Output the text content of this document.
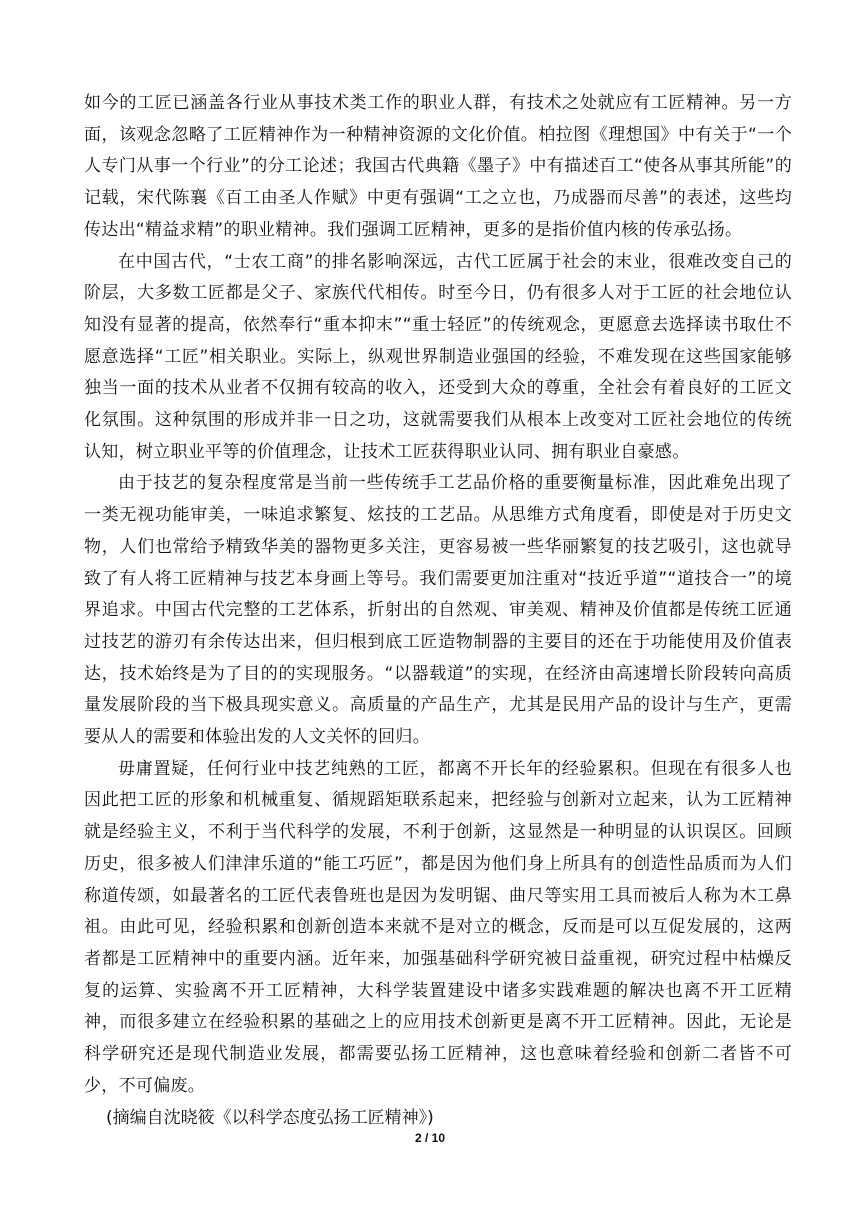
如今的工匠已涵盖各行业从事技术类工作的职业人群，有技术之处就应有工匠精神。另一方面，该观念忽略了工匠精神作为一种精神资源的文化价值。柏拉图《理想国》中有关于“一个人专门从事一个行业”的分工论述；我国古代典籍《墨子》中有描述百工“使各从事其所能”的记载，宋代陈襄《百工由圣人作赋》中更有强调“工之立也，乃成器而尽善”的表述，这些均传达出“精益求精”的职业精神。我们强调工匠精神，更多的是指价值内核的传承弘扬。

在中国古代，“士农工商”的排名影响深远，古代工匠属于社会的末业，很难改变自己的阶层，大多数工匠都是父子、家族代代相传。时至今日，仍有很多人对于工匠的社会地位认知没有显著的提高，依然奉行“重本抑末”“重士轻匠”的传统观念，更愿意去选择读书取仕不愿意选择“工匠”相关职业。实际上，纵观世界制造业强国的经验，不难发现在这些国家能够独当一面的技术从业者不仅拥有较高的收入，还受到大众的尊重，全社会有着良好的工匠文化氛围。这种氛围的形成并非一日之功，这就需要我们从根本上改变对工匠社会地位的传统认知，树立职业平等的价值理念，让技术工匠获得职业认同、拥有职业自豪感。

由于技艺的复杂程度常是当前一些传统手工艺品价格的重要衡量标准，因此难免出现了一类无视功能审美，一味追求繁复、炫技的工艺品。从思维方式角度看，即使是对于历史文物，人们也常给予精致华美的器物更多关注，更容易被一些华丽繁复的技艺吸引，这也就导致了有人将工匠精神与技艺本身画上等号。我们需要更加注重对“技近乎道”“道技合一”的境界追求。中国古代完整的工艺体系，折射出的自然观、审美观、精神及价值都是传统工匠通过技艺的游刃有余传达出来，但归根到底工匠造物制器的主要目的还在于功能使用及价值表达，技术始终是为了目的的实现服务。“以器载道”的实现，在经济由高速增长阶段转向高质量发展阶段的当下极具现实意义。高质量的产品生产，尤其是民用产品的设计与生产，更需要从人的需要和体验出发的人文关怀的回归。

毋庸置疑，任何行业中技艺纯熟的工匠，都离不开长年的经验累积。但现在有很多人也因此把工匠的形象和机械重复、循规蹈矩联系起来，把经验与创新对立起来，认为工匠精神就是经验主义，不利于当代科学的发展，不利于创新，这显然是一种明显的认识误区。回顾历史，很多被人们津津乐道的“能工巧匠”，都是因为他们身上所具有的创造性品质而为人们称道传颂，如最著名的工匠代表鲁班也是因为发明锯、曲尺等实用工具而被后人称为木工鼻祖。由此可见，经验积累和创新创造本来就不是对立的概念，反而是可以互促发展的，这两者都是工匠精神中的重要内涵。近年来，加强基础科学研究被日益重视，研究过程中枯燥反复的运算、实验离不开工匠精神，大科学装置建设中诸多实践难题的解决也离不开工匠精神，而很多建立在经验积累的基础之上的应用技术创新更是离不开工匠精神。因此，无论是科学研究还是现代制造业发展，都需要弘扬工匠精神，这也意味着经验和创新二者皆不可少，不可偏废。

(摘编自沈晓筱《以科学态度弘扬工匠精神》)

2 / 10
